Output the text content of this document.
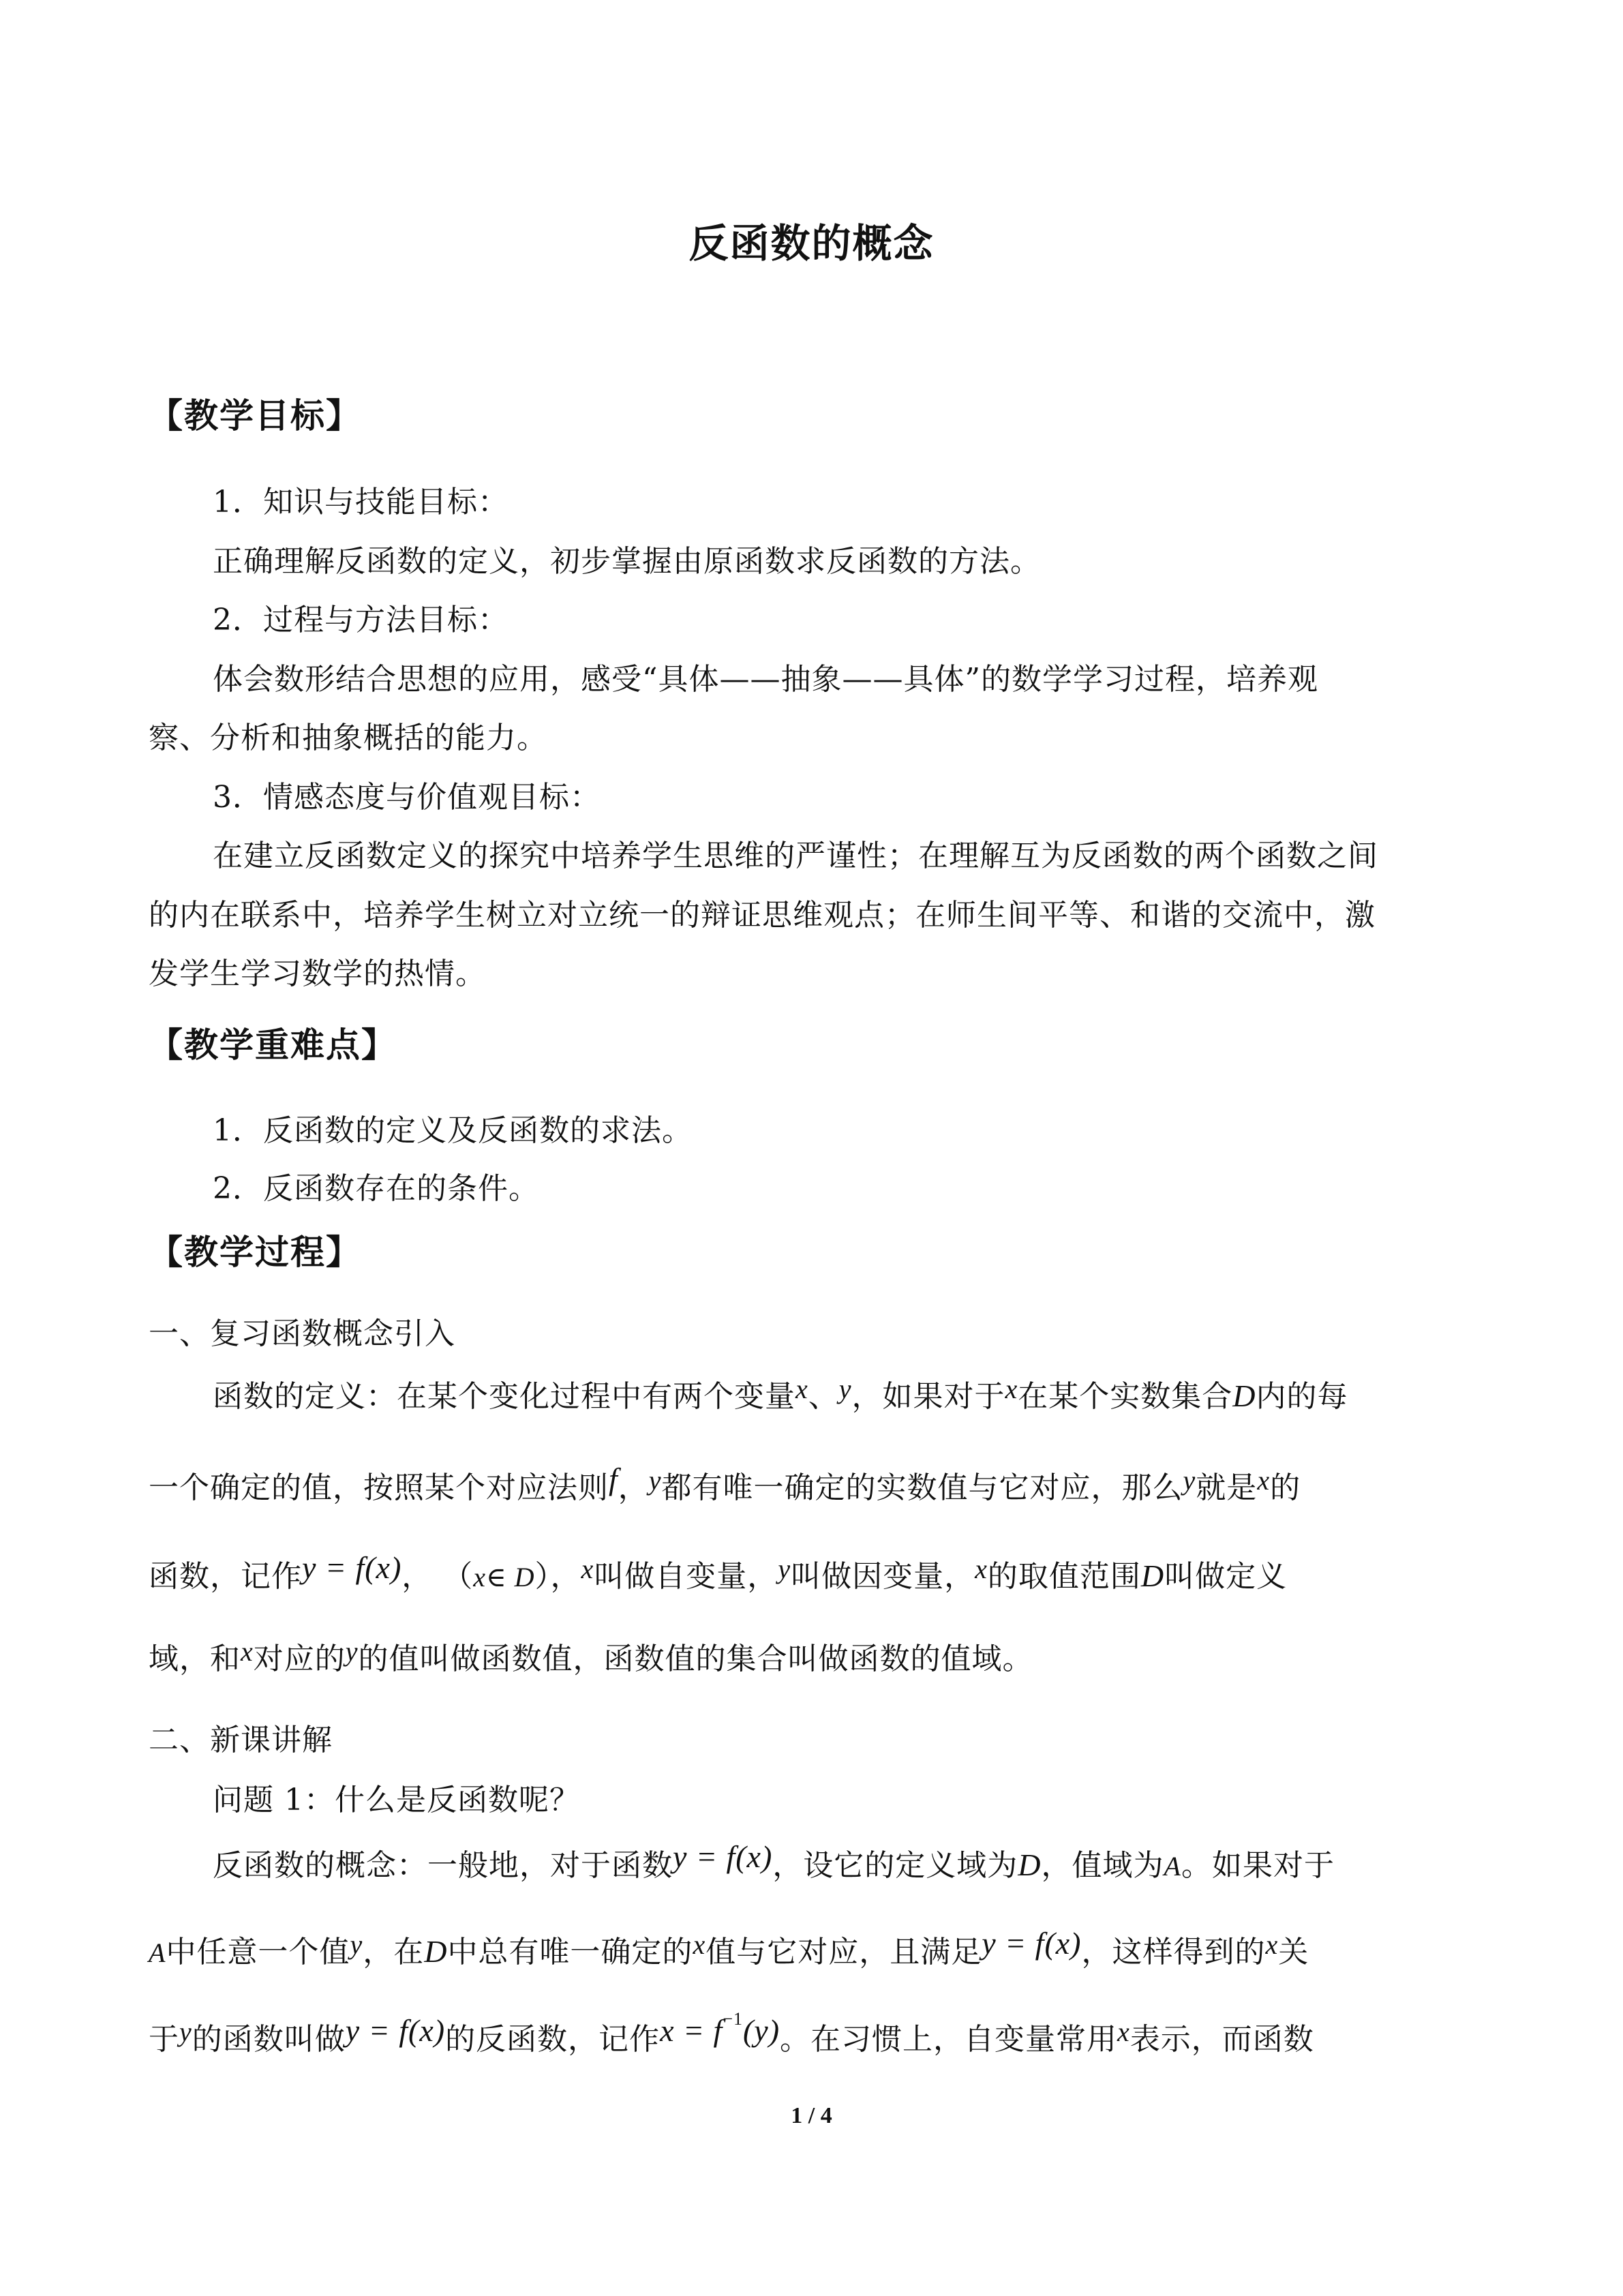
反函数的概念
【教学目标】
1．知识与技能目标：
正确理解反函数的定义，初步掌握由原函数求反函数的方法。
2．过程与方法目标：
体会数形结合思想的应用，感受“具体——抽象——具体”的数学学习过程，培养观
察、分析和抽象概括的能力。
3．情感态度与价值观目标：
在建立反函数定义的探究中培养学生思维的严谨性；在理解互为反函数的两个函数之间
的内在联系中，培养学生树立对立统一的辩证思维观点；在师生间平等、和谐的交流中，激
发学生学习数学的热情。
【教学重难点】
1．反函数的定义及反函数的求法。
2．反函数存在的条件。
【教学过程】
一、复习函数概念引入
函数的定义：在某个变化过程中有两个变量x、y，如果对于x在某个实数集合D内的每
一个确定的值，按照某个对应法则f，y都有唯一确定的实数值与它对应，那么y就是x的
函数，记作y = f(x)， （x∈ D），x叫做自变量，y叫做因变量，x的取值范围D叫做定义
域，和x对应的y的值叫做函数值，函数值的集合叫做函数的值域。
二、新课讲解
问题 1：什么是反函数呢？
反函数的概念：一般地，对于函数y = f(x)，设它的定义域为D，值域为A。如果对于
A中任意一个值y，在D中总有唯一确定的x值与它对应，且满足y = f(x)，这样得到的x关
于y的函数叫做y = f(x)的反函数，记作$x = f^{-1}(y)$。在习惯上，自变量常用x表示，而函数
1 / 4
